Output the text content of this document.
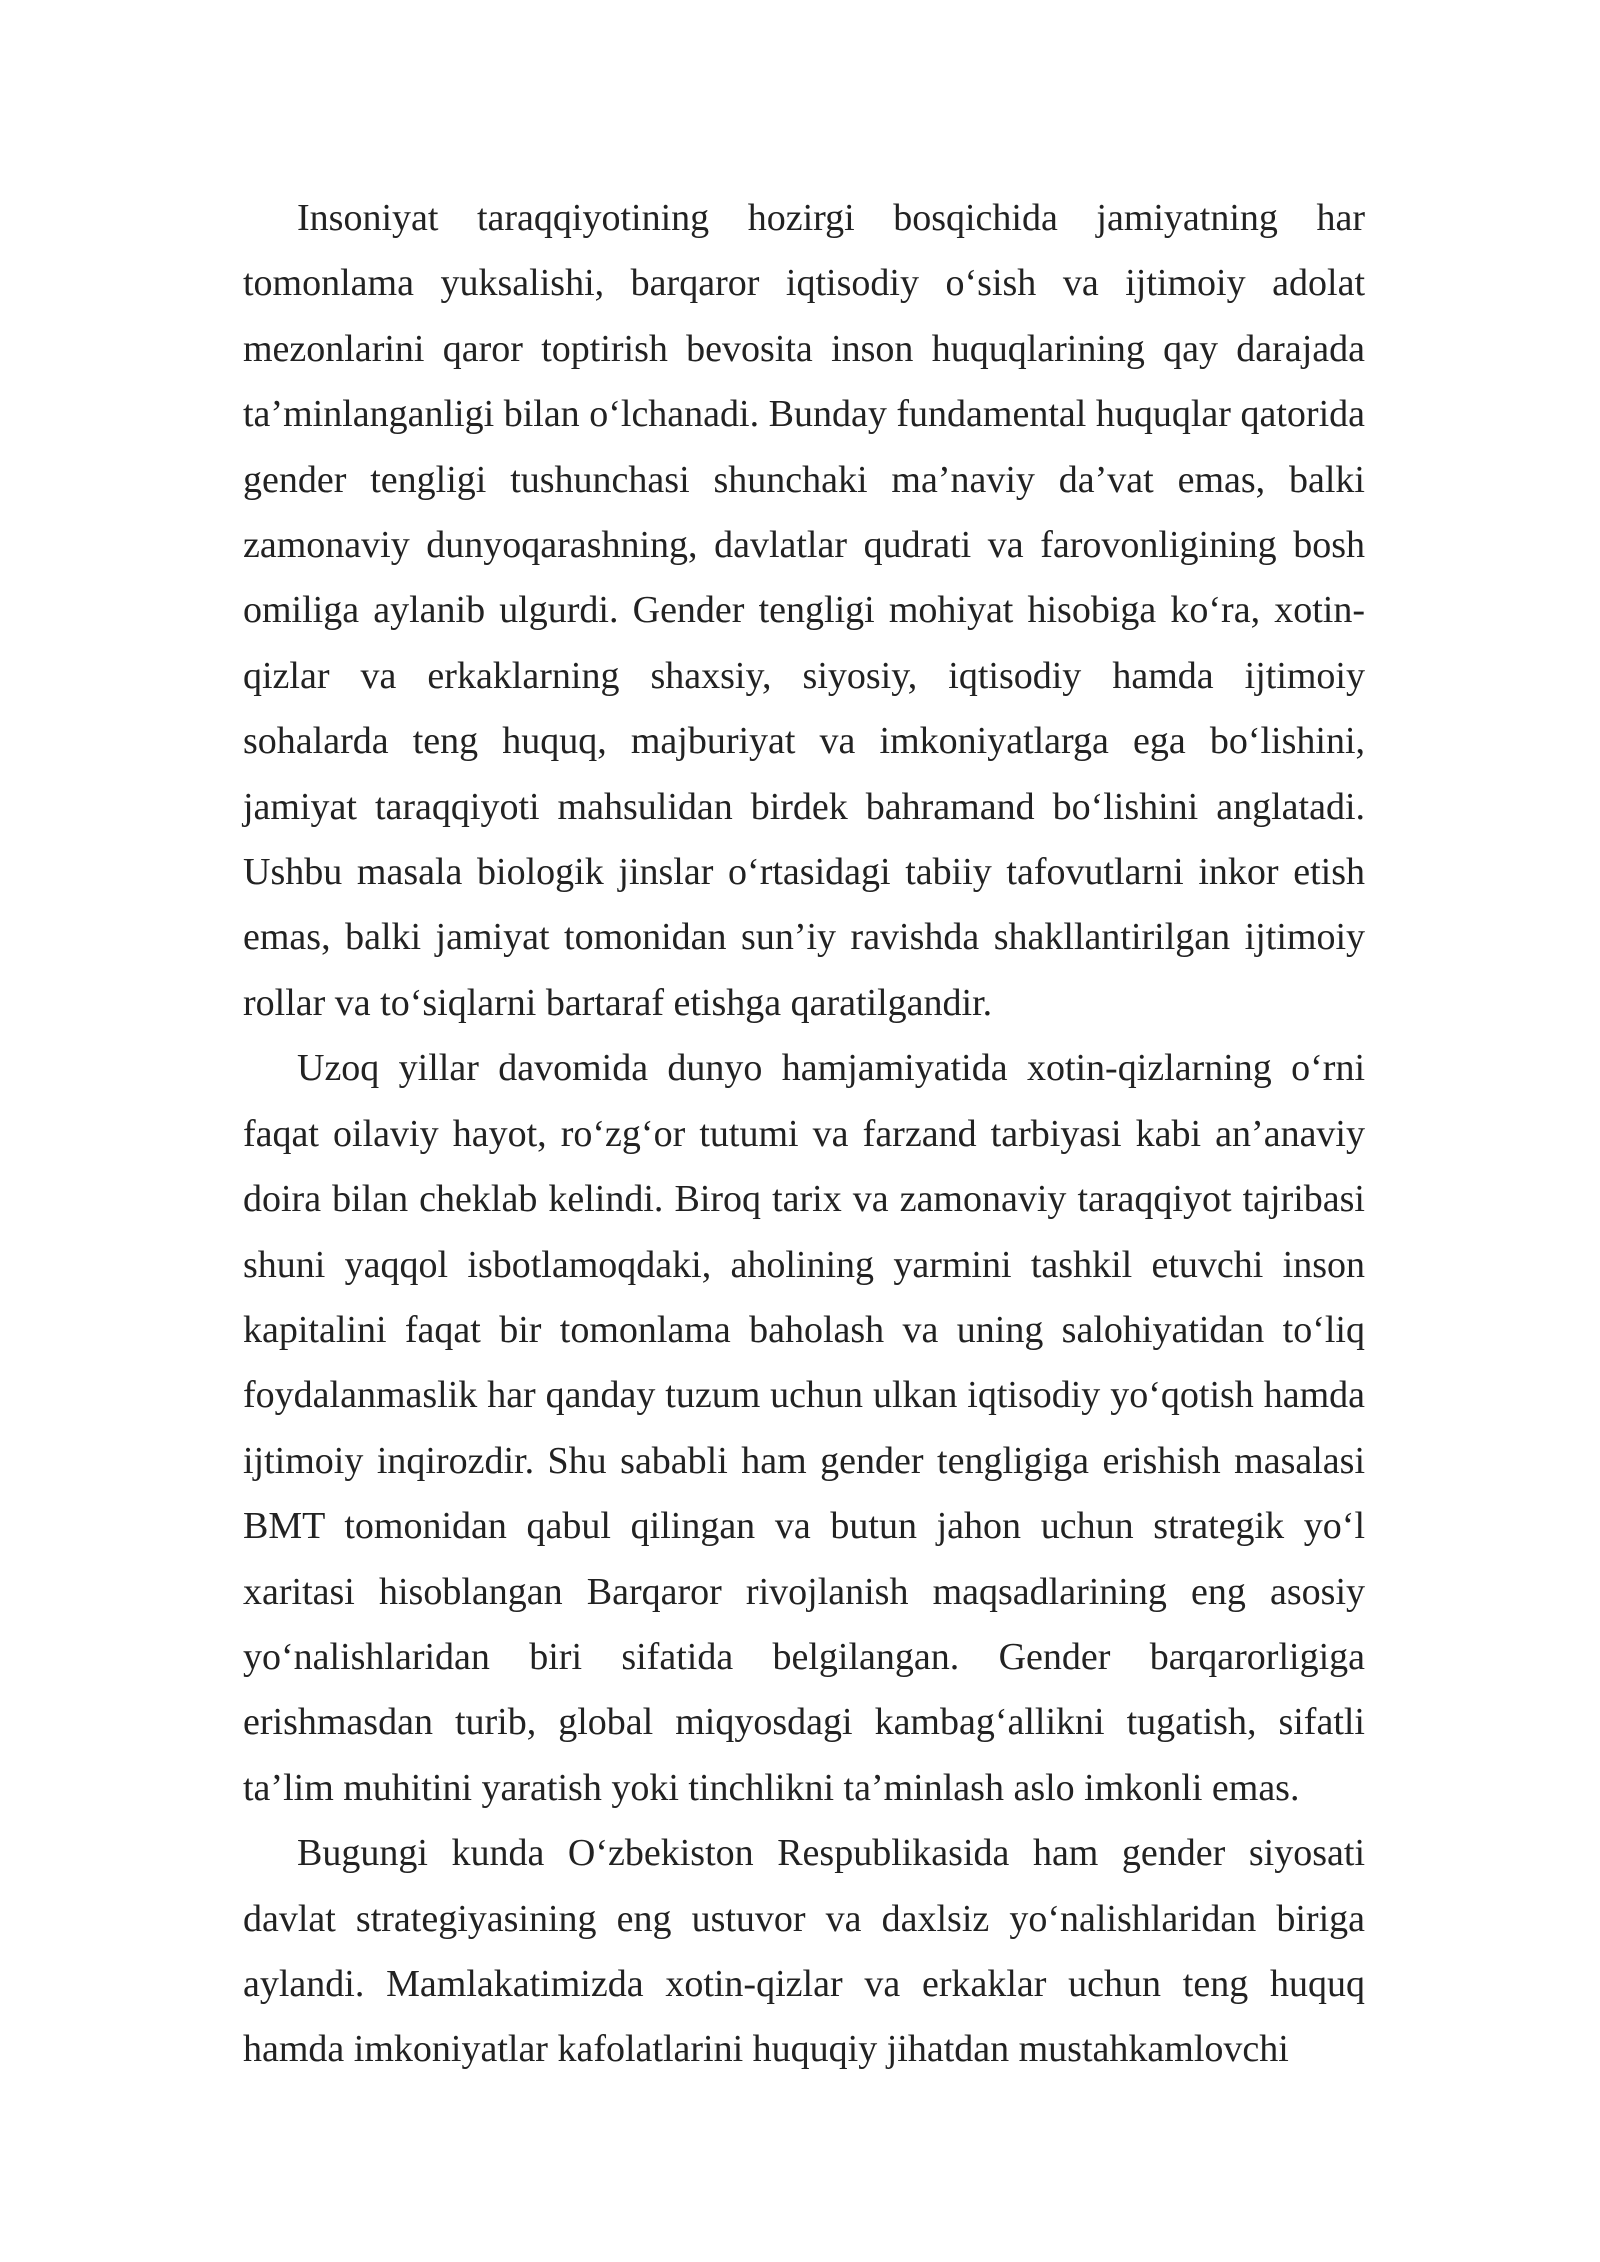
Insoniyat taraqqiyotining hozirgi bosqichida jamiyatning har tomonlama yuksalishi, barqaror iqtisodiy o‘sish va ijtimoiy adolat mezonlarini qaror toptirish bevosita inson huquqlarining qay darajada ta’minlanganligi bilan o‘lchanadi. Bunday fundamental huquqlar qatorida gender tengligi tushunchasi shunchaki ma’naviy da’vat emas, balki zamonaviy dunyoqarashning, davlatlar qudrati va farovonligining bosh omiliga aylanib ulgurdi. Gender tengligi mohiyat hisobiga ko‘ra, xotin-qizlar va erkaklarning shaxsiy, siyosiy, iqtisodiy hamda ijtimoiy sohalarda teng huquq, majburiyat va imkoniyatlarga ega bo‘lishini, jamiyat taraqqiyoti mahsulidan birdek bahramand bo‘lishini anglatadi. Ushbu masala biologik jinslar o‘rtasidagi tabiiy tafovutlarni inkor etish emas, balki jamiyat tomonidan sun’iy ravishda shakllantirilgan ijtimoiy rollar va to‘siqlarni bartaraf etishga qaratilgandir.

Uzoq yillar davomida dunyo hamjamiyatida xotin-qizlarning o‘rni faqat oilaviy hayot, ro‘zg‘or tutumi va farzand tarbiyasi kabi an’anaviy doira bilan cheklab kelindi. Biroq tarix va zamonaviy taraqqiyot tajribasi shuni yaqqol isbotlamoqdaki, aholining yarmini tashkil etuvchi inson kapitalini faqat bir tomonlama baholash va uning salohiyatidan to‘liq foydalanmaslik har qanday tuzum uchun ulkan iqtisodiy yo‘qotish hamda ijtimoiy inqirozdir. Shu sababli ham gender tengligiga erishish masalasi BMT tomonidan qabul qilingan va butun jahon uchun strategik yo‘l xaritasi hisoblangan Barqaror rivojlanish maqsadlarining eng asosiy yo‘nalishlaridan biri sifatida belgilangan. Gender barqarorligiga erishmasdan turib, global miqyosdagi kambag‘allikni tugatish, sifatli ta’lim muhitini yaratish yoki tinchlikni ta’minlash aslo imkonli emas.

Bugungi kunda O‘zbekiston Respublikasida ham gender siyosati davlat strategiyasining eng ustuvor va daxlsiz yo‘nalishlaridan biriga aylandi. Mamlakatimizda xotin-qizlar va erkaklar uchun teng huquq hamda imkoniyatlar kafolatlarini huquqiy jihatdan mustahkamlovchi
